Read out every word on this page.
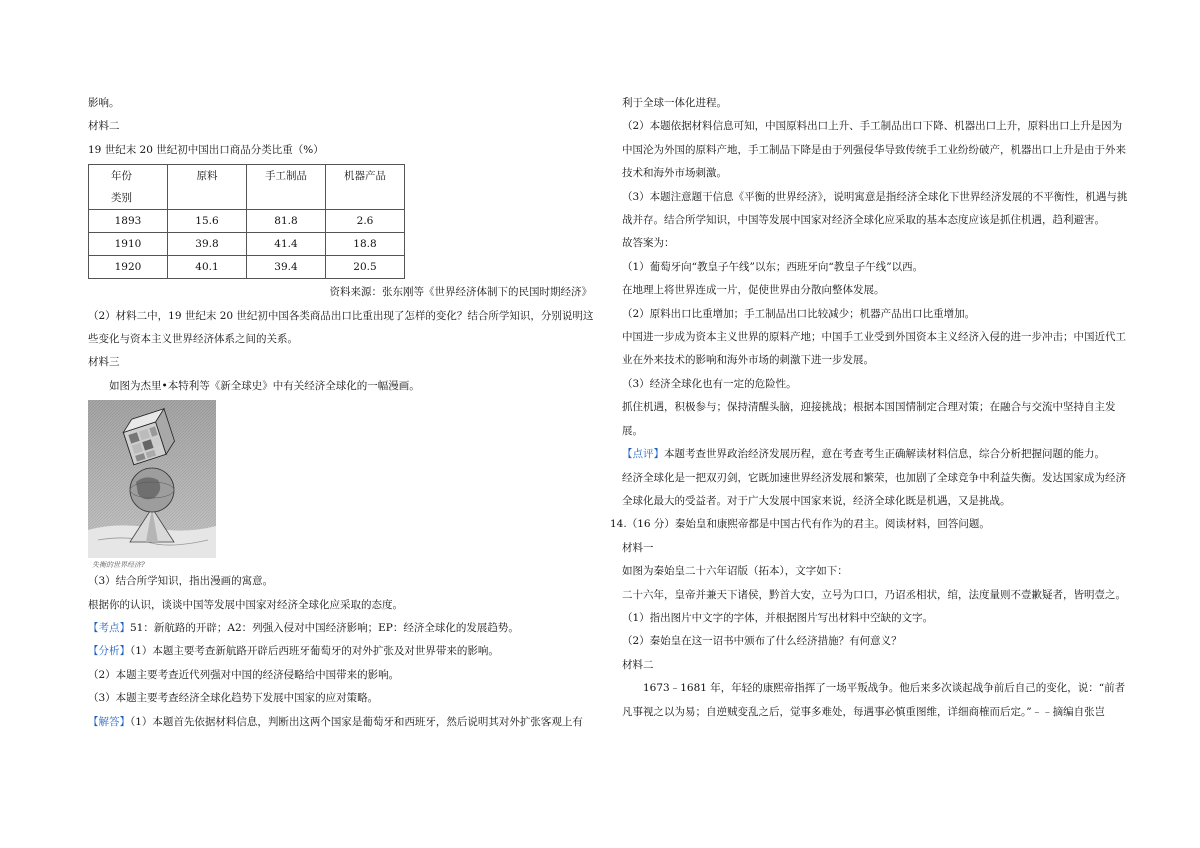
影响。

材料二

19 世纪末 20 世纪初中国出口商品分类比重（%）

年份
类别	原料	手工制品	机器产品
1893	15.6	81.8	2.6
1910	39.8	41.4	18.8
1920	40.1	39.4	20.5

资料来源：张东刚等《世界经济体制下的民国时期经济》

（2）材料二中，19 世纪末 20 世纪初中国各类商品出口比重出现了怎样的变化？结合所学知识，分别说明这些变化与资本主义世界经济体系之间的关系。

材料三

如图为杰里•本特利等《新全球史》中有关经济全球化的一幅漫画。

失衡的世界经济?

（3）结合所学知识，指出漫画的寓意。

根据你的认识，谈谈中国等发展中国家对经济全球化应采取的态度。

【考点】51：新航路的开辟；A2：列强入侵对中国经济影响；EP：经济全球化的发展趋势。

【分析】（1）本题主要考查新航路开辟后西班牙葡萄牙的对外扩张及对世界带来的影响。

（2）本题主要考查近代列强对中国的经济侵略给中国带来的影响。

（3）本题主要考查经济全球化趋势下发展中国家的应对策略。

【解答】（1）本题首先依据材料信息，判断出这两个国家是葡萄牙和西班牙，然后说明其对外扩张客观上有

利于全球一体化进程。

（2）本题依据材料信息可知，中国原料出口上升、手工制品出口下降、机器出口上升，原料出口上升是因为中国沦为外国的原料产地，手工制品下降是由于列强侵华导致传统手工业纷纷破产，机器出口上升是由于外来技术和海外市场刺激。

（3）本题注意题干信息《平衡的世界经济》，说明寓意是指经济全球化下世界经济发展的不平衡性，机遇与挑战并存。结合所学知识，中国等发展中国家对经济全球化应采取的基本态度应该是抓住机遇，趋利避害。

故答案为：

（1）葡萄牙向“教皇子午线”以东；西班牙向“教皇子午线”以西。

在地理上将世界连成一片，促使世界由分散向整体发展。

（2）原料出口比重增加；手工制品出口比较减少；机器产品出口比重增加。

中国进一步成为资本主义世界的原料产地；中国手工业受到外国资本主义经济入侵的进一步冲击；中国近代工业在外来技术的影响和海外市场的刺激下进一步发展。

（3）经济全球化也有一定的危险性。

抓住机遇，积极参与；保持清醒头脑，迎接挑战；根据本国国情制定合理对策；在融合与交流中坚持自主发展。

【点评】本题考查世界政治经济发展历程，意在考查考生正确解读材料信息，综合分析把握问题的能力。

经济全球化是一把双刃剑，它既加速世界经济发展和繁荣，也加剧了全球竞争中利益失衡。发达国家成为经济全球化最大的受益者。对于广大发展中国家来说，经济全球化既是机遇，又是挑战。

14.（16 分）秦始皇和康熙帝都是中国古代有作为的君主。阅读材料，回答问题。

材料一

如图为秦始皇二十六年诏版（拓本），文字如下：

二十六年，皇帝并兼天下诸侯，黔首大安，立号为口口，乃诏丞相状，绾，法度量则不壹歉疑者，皆明壹之。

（1）指出图片中文字的字体，并根据图片写出材料中空缺的文字。

（2）秦始皇在这一诏书中颁布了什么经济措施？有何意义？

材料二

1673﹣1681 年，年轻的康熙帝指挥了一场平叛战争。他后来多次谈起战争前后自己的变化，说：“前者凡事视之以为易；自逆贼变乱之后，觉事多难处，每遇事必慎重图维，详细商榷而后定。”﹣﹣摘编自张岂
